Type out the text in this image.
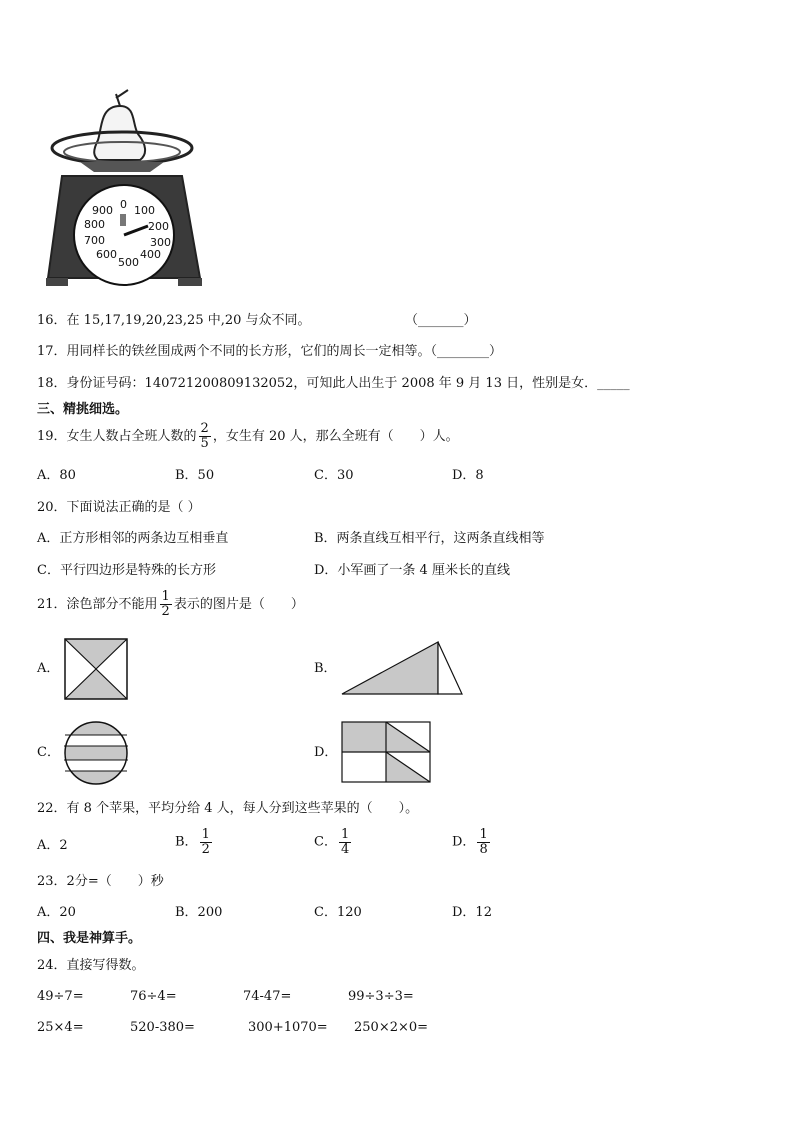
0 100
200
300
400
500
600
700
800
900
16．在 15,17,19,20,23,25 中,20 与众不同。	（_______）
17．用同样长的铁丝围成两个不同的长方形，它们的周长一定相等。（________）
18．身份证号码：140721200809132052，可知此人出生于 2008 年 9 月 13 日，性别是女．_____
三、精挑细选。
19．女生人数占全班人数的 $\frac{2}{5}$ ，女生有 20 人，那么全班有（　　）人。
A．80	B．50	C．30	D．8
20．下面说法正确的是（ ）
A．正方形相邻的两条边互相垂直	B．两条直线互相平行，这两条直线相等
C．平行四边形是特殊的长方形	D．小军画了一条 4 厘米长的直线
21．涂色部分不能用 $\frac{1}{2}$ 表示的图片是（　　）
A．	B．
C．	D．
22．有 8 个苹果，平均分给 4 人，每人分到这些苹果的（　　）。
A．2	B． $\frac{1}{2}$	C． $\frac{1}{4}$	D． $\frac{1}{8}$
23．2分=（　　）秒
A．20	B．200	C．120	D．12
四、我是神算手。
24．直接写得数。
49÷7=	76÷4=	74-47=	99÷3÷3=
25×4=	520-380=	300+1070= 250×2×0=
